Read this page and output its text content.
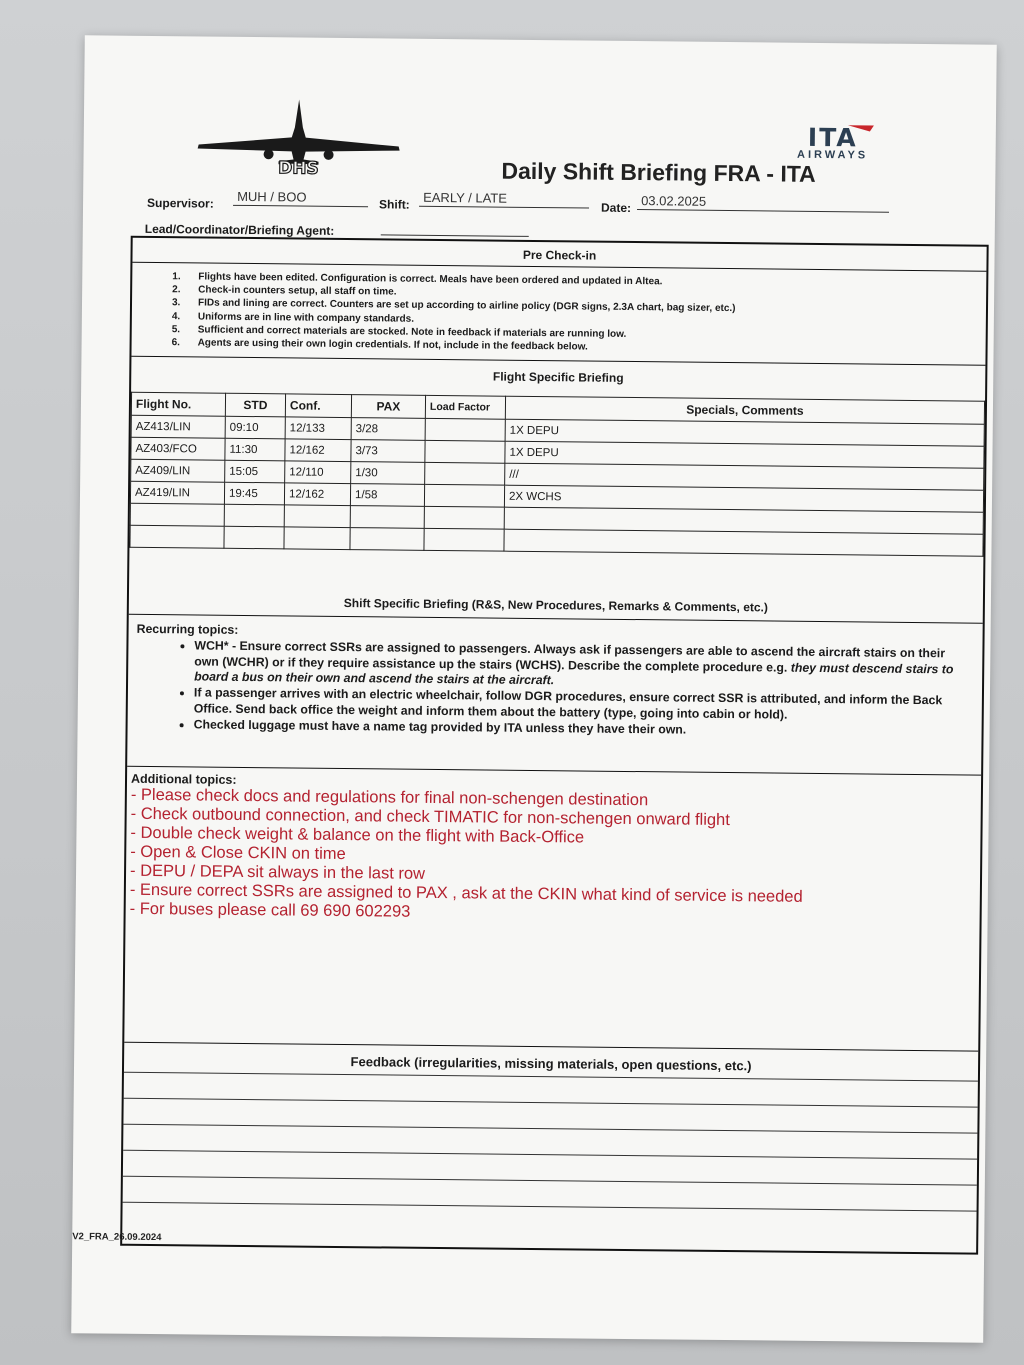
DHS
ITA
AIRWAYS
Daily Shift Briefing FRA - ITA
Supervisor: MUH / BOO	Shift: EARLY / LATE
Date: 03.02.2025
Lead/Coordinator/Briefing Agent:
Pre Check-in
1.	Flights have been edited. Configuration is correct. Meals have been ordered and updated in Altea.
2.	Check-in counters setup, all staff on time.
3.	FIDs and lining are correct. Counters are set up according to airline policy (DGR signs, 2.3A chart, bag sizer, etc.)
4.	Uniforms are in line with company standards.
5.	Sufficient and correct materials are stocked. Note in feedback if materials are running low.
6.	Agents are using their own login credentials. If not, include in the feedback below.
Flight Specific Briefing
Flight No.	STD	Conf.	PAX	Load Factor	Specials, Comments
AZ413/LIN	09:10	12/133	3/28		1X DEPU
AZ403/FCO	11:30	12/162	3/73		1X DEPU
AZ409/LIN	15:05	12/110	1/30		///
AZ419/LIN	19:45	12/162	1/58		2X WCHS

Shift Specific Briefing (R&S, New Procedures, Remarks & Comments, etc.)
Recurring topics:
• WCH* - Ensure correct SSRs are assigned to passengers. Always ask if passengers are able to ascend the aircraft stairs on their own (WCHR) or if they require assistance up the stairs (WCHS). Describe the complete procedure e.g. they must descend stairs to board a bus on their own and ascend the stairs at the aircraft.
• If a passenger arrives with an electric wheelchair, follow DGR procedures, ensure correct SSR is attributed, and inform the Back Office. Send back office the weight and inform them about the battery (type, going into cabin or hold).
• Checked luggage must have a name tag provided by ITA unless they have their own.
Additional topics:
- Please check docs and regulations for final non-schengen destination
- Check outbound connection, and check TIMATIC for non-schengen onward flight
- Double check weight & balance on the flight with Back-Office
- Open & Close CKIN on time
- DEPU / DEPA sit always in the last row
- Ensure correct SSRs are assigned to PAX , ask at the CKIN what kind of service is needed
- For buses please call 69 690 602293
Feedback (irregularities, missing materials, open questions, etc.)
V2_FRA_26.09.2024
